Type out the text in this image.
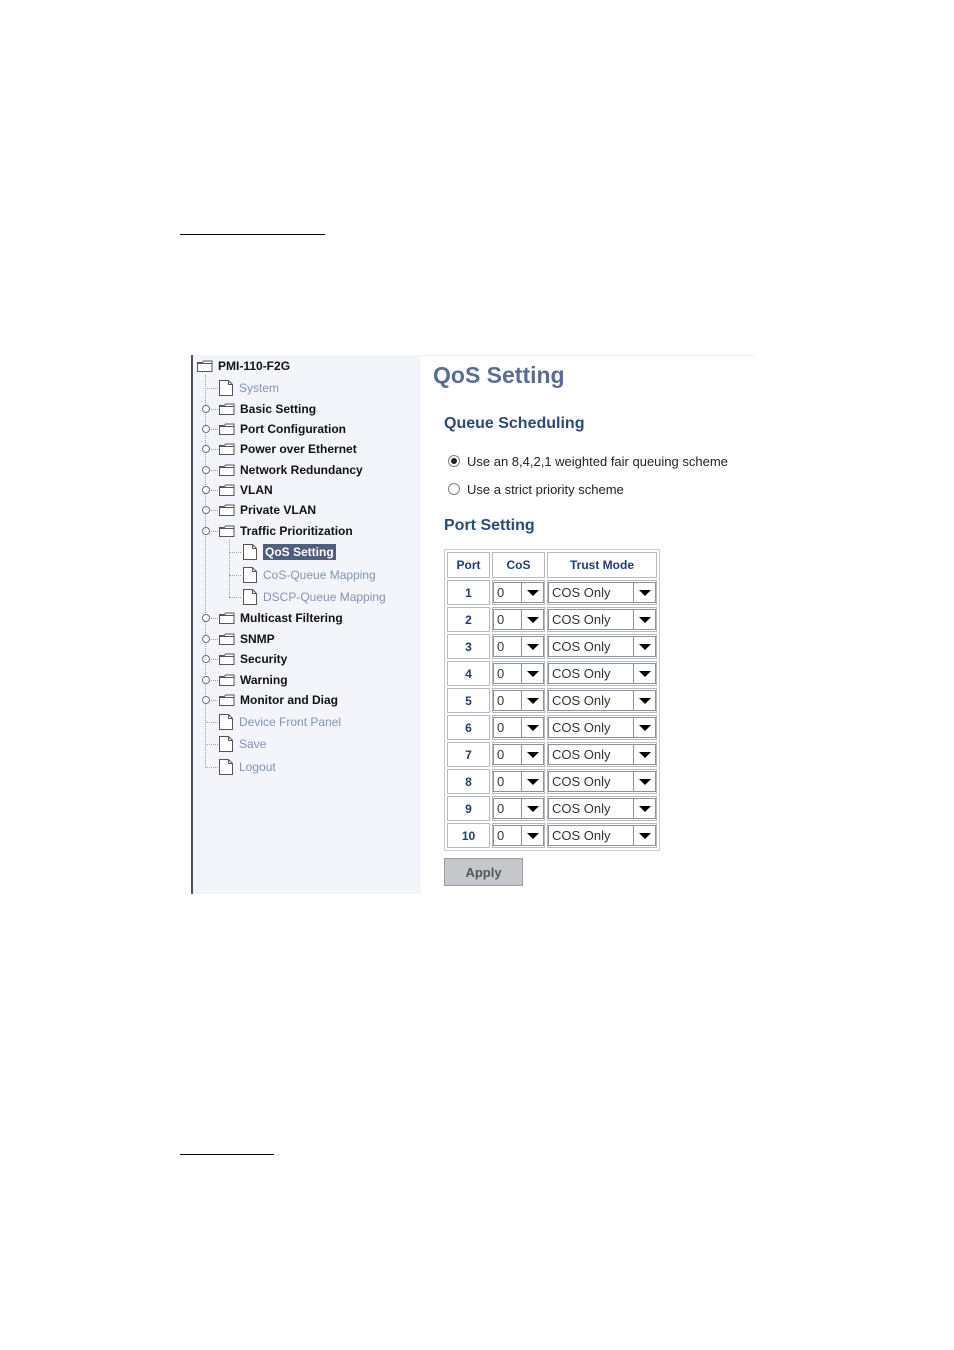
PMI-110-F2G
System
Basic Setting
Port Configuration
Power over Ethernet
Network Redundancy
VLAN
Private VLAN
Traffic Prioritization
QoS Setting
CoS-Queue Mapping
DSCP-Queue Mapping
Multicast Filtering
SNMP
Security
Warning
Monitor and Diag
Device Front Panel
Save
Logout
QoS Setting
Queue Scheduling
Use an 8,4,2,1 weighted fair queuing scheme
Use a strict priority scheme
Port Setting
Port	CoS	Trust Mode
1	0	COS Only

2	0	COS Only

3	0	COS Only

4	0	COS Only

5	0	COS Only

6	0	COS Only

7	0	COS Only

8	0	COS Only

9	0	COS Only

10	0	COS Only
Apply
